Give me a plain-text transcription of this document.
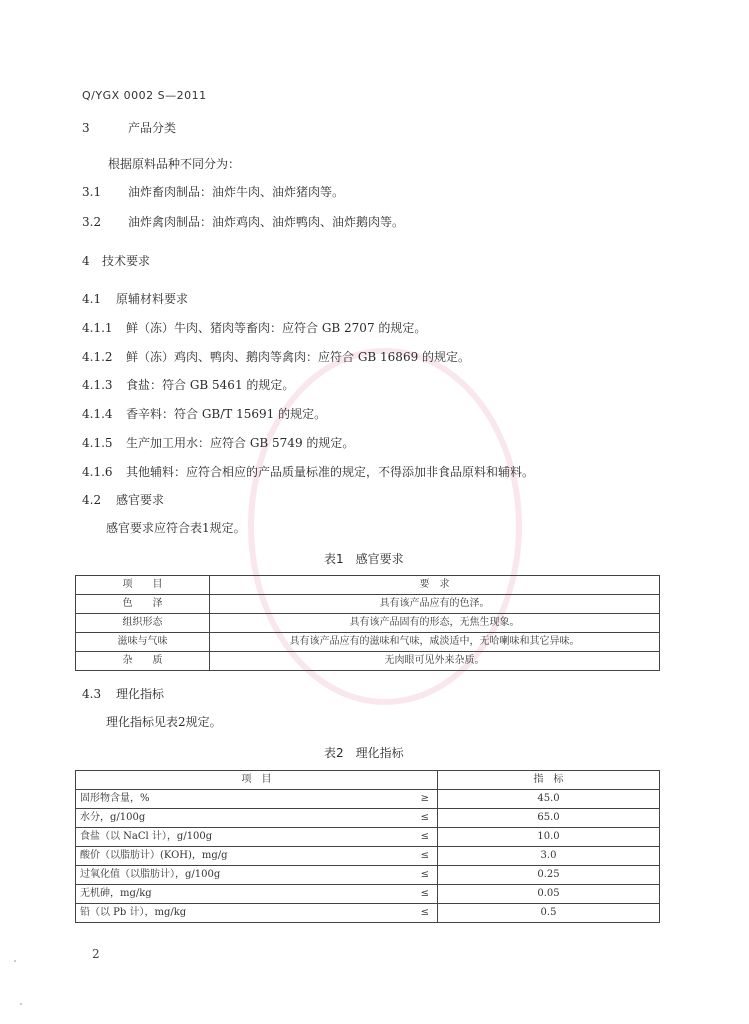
Q/YGX 0002 S—2011
3	产品分类
根据原料品种不同分为：
3.1 油炸畜肉制品：油炸牛肉、油炸猪肉等。
3.2 油炸禽肉制品：油炸鸡肉、油炸鸭肉、油炸鹅肉等。
4 技术要求
4.1 原辅材料要求
4.1.1 鲜（冻）牛肉、猪肉等畜肉：应符合 GB 2707 的规定。
4.1.2 鲜（冻）鸡肉、鸭肉、鹅肉等禽肉：应符合 GB 16869 的规定。
4.1.3 食盐：符合 GB 5461 的规定。
4.1.4 香辛料：符合 GB/T 15691 的规定。
4.1.5 生产加工用水：应符合 GB 5749 的规定。
4.1.6 其他辅料：应符合相应的产品质量标准的规定，不得添加非食品原料和辅料。
4.2 感官要求
感官要求应符合表1规定。
表1　感官要求
项　　目	要　求
色　　泽	具有该产品应有的色泽。
组织形态	具有该产品固有的形态，无焦生现象。
滋味与气味	具有该产品应有的滋味和气味，咸淡适中，无哈喇味和其它异味。
杂　　质	无肉眼可见外来杂质。
4.3 理化指标
理化指标见表2规定。
表2　理化指标
项　目		指　标
固形物含量，%	≥	45.0
水分，g/100g	≤	65.0
食盐（以 NaCl 计），g/100g	≤	10.0
酸价（以脂肪计）(KOH)，mg/g	≤	3.0
过氧化值（以脂肪计），g/100g	≤	0.25
无机砷，mg/kg	≤	0.05
铅（以 Pb 计），mg/kg	≤	0.5
2
